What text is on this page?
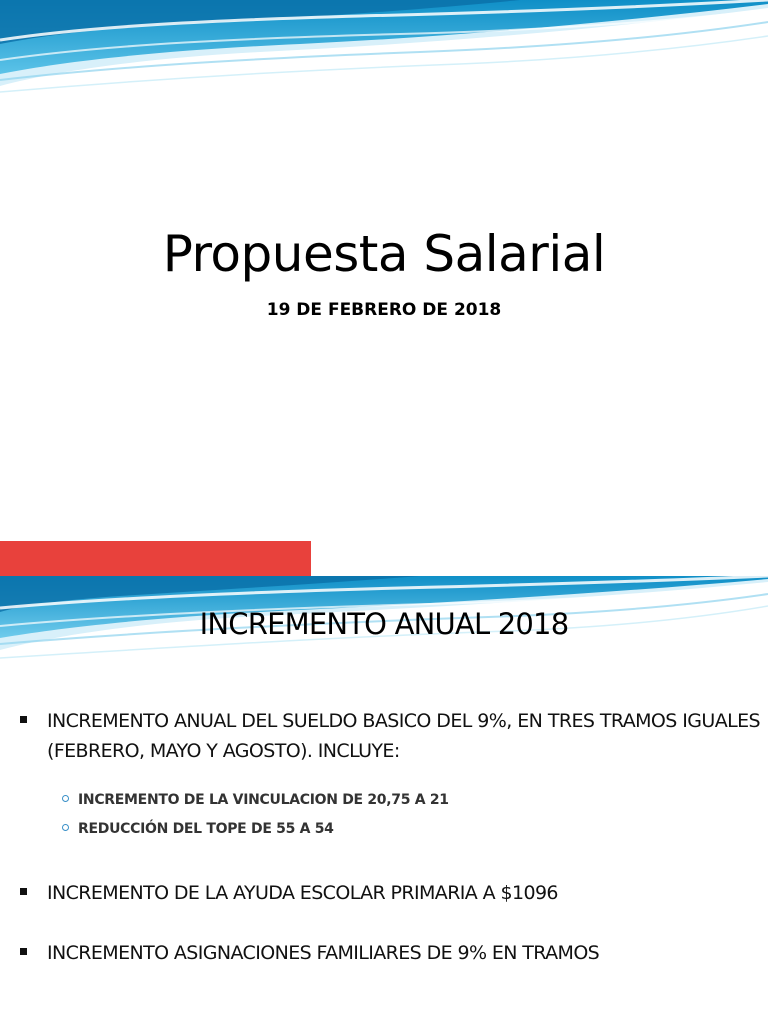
Propuesta Salarial

19 DE FEBRERO DE 2018

INCREMENTO ANUAL 2018
INCREMENTO ANUAL DEL SUELDO BASICO DEL 9%, EN TRES TRAMOS IGUALES (FEBRERO, MAYO Y AGOSTO). INCLUYE:
INCREMENTO DE LA VINCULACION DE 20,75 A 21
REDUCCIÓN DEL TOPE DE 55 A 54
INCREMENTO DE LA AYUDA ESCOLAR PRIMARIA A $1096
INCREMENTO ASIGNACIONES FAMILIARES DE 9% EN TRAMOS
